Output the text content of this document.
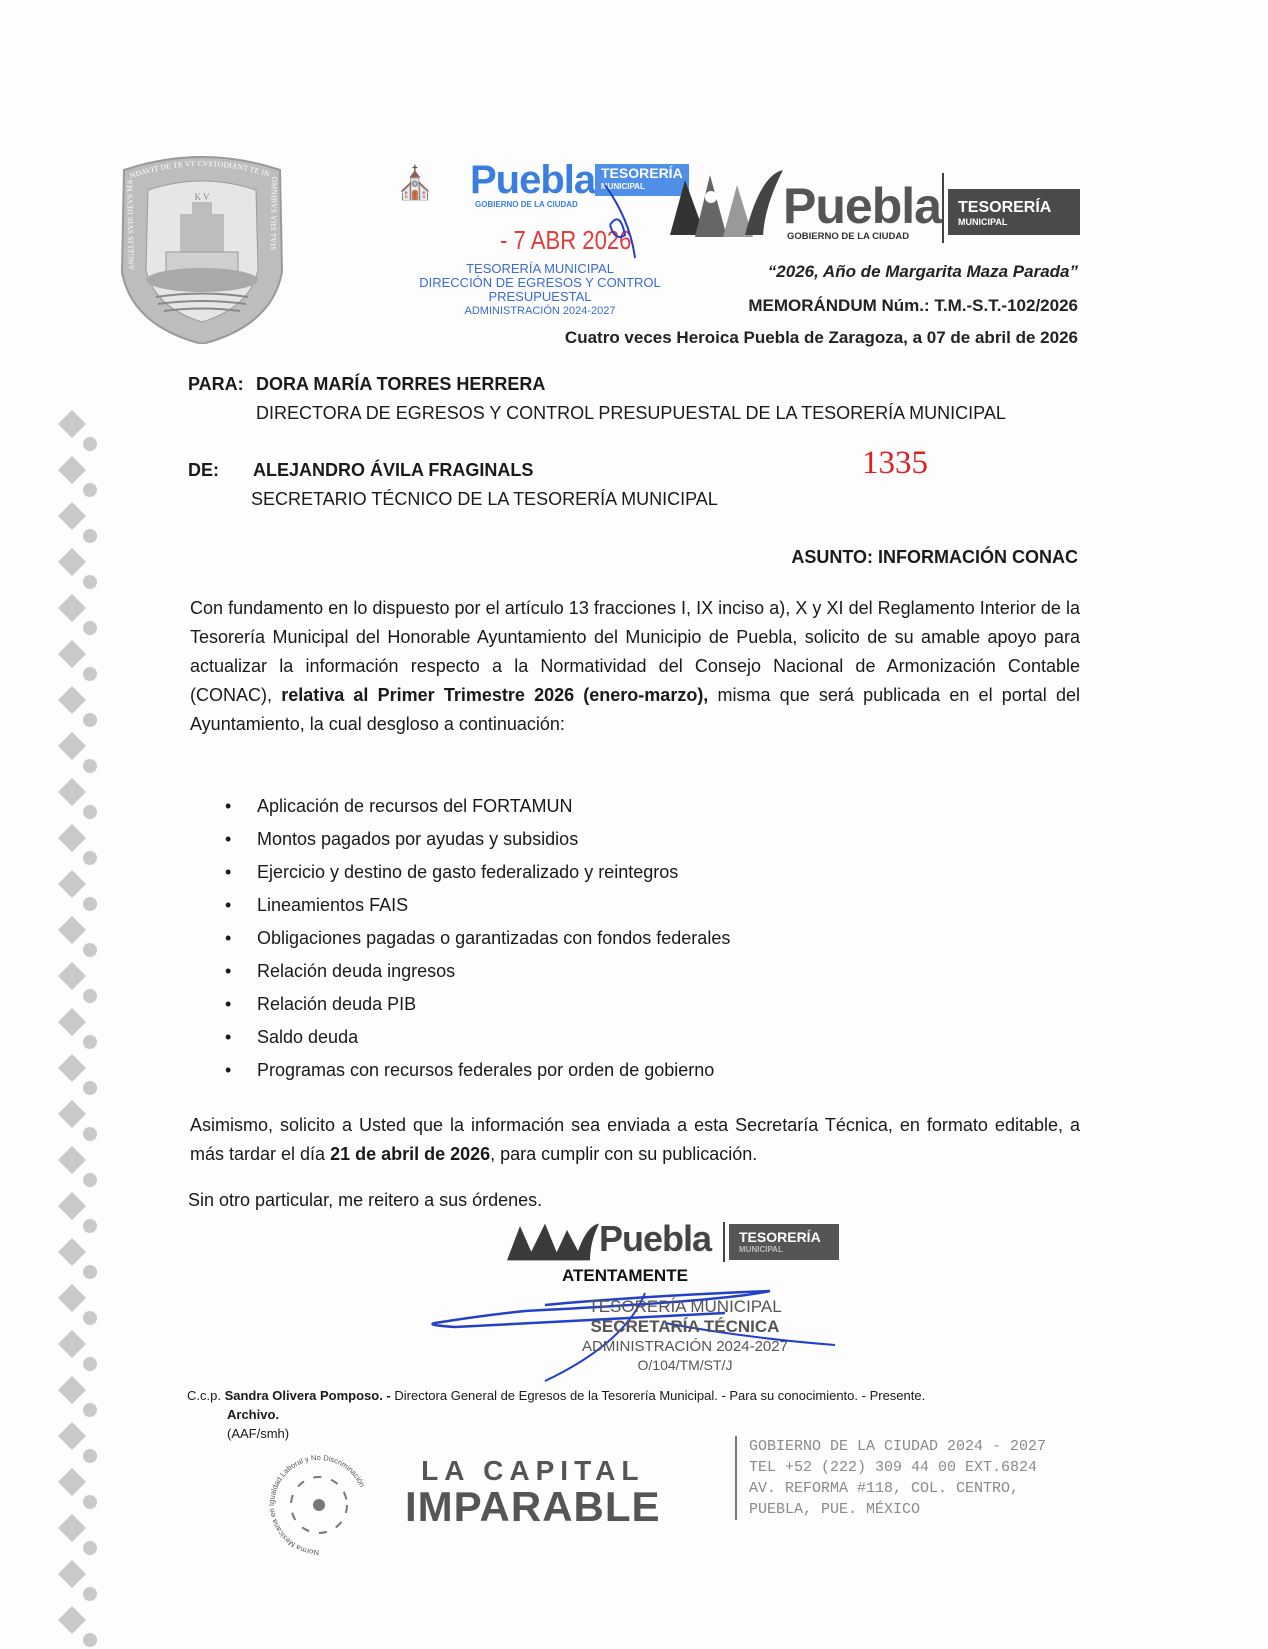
ANGELIS SVIS DEVS MANDAVIT DE TE VT CVSTODIANT TE IN OMNIBVS VIIS TVIS
K V	⛪ Puebla
GOBIERNO DE LA CIUDAD
TESORERÍA
MUNICIPAL	Puebla
GOBIERNO DE LA CIUDAD
TESORERÍA
MUNICIPAL
- 7 ABR 2026
TESORERÍA MUNICIPAL
DIRECCIÓN DE EGRESOS Y CONTROL
PRESUPUESTAL
ADMINISTRACIÓN 2024-2027
“2026, Año de Margarita Maza Parada”
MEMORÁNDUM Núm.: T.M.-S.T.-102/2026
Cuatro veces Heroica Puebla de Zaragoza, a 07 de abril de 2026
PARA: DORA MARÍA TORRES HERRERA
DIRECTORA DE EGRESOS Y CONTROL PRESUPUESTAL DE LA TESORERÍA MUNICIPAL
DE: ALEJANDRO ÁVILA FRAGINALS
SECRETARIO TÉCNICO DE LA TESORERÍA MUNICIPAL
1335
ASUNTO: INFORMACIÓN CONAC
Con fundamento en lo dispuesto por el artículo 13 fracciones I, IX inciso a), X y XI del Reglamento Interior de la Tesorería Municipal del Honorable Ayuntamiento del Municipio de Puebla, solicito de su amable apoyo para actualizar la información respecto a la Normatividad del Consejo Nacional de Armonización Contable (CONAC), relativa al Primer Trimestre 2026 (enero-marzo), misma que será publicada en el portal del Ayuntamiento, la cual desgloso a continuación:
• Aplicación de recursos del FORTAMUN
• Montos pagados por ayudas y subsidios
• Ejercicio y destino de gasto federalizado y reintegros
• Lineamientos FAIS
• Obligaciones pagadas o garantizadas con fondos federales
• Relación deuda ingresos
• Relación deuda PIB
• Saldo deuda
• Programas con recursos federales por orden de gobierno
Asimismo, solicito a Usted que la información sea enviada a esta Secretaría Técnica, en formato editable, a más tardar el día 21 de abril de 2026, para cumplir con su publicación.
Sin otro particular, me reitero a sus órdenes.
Puebla TESORERÍA
MUNICIPAL
ATENTAMENTE
TESORERÍA MUNICIPAL
SECRETARÍA TÉCNICA
ADMINISTRACIÓN 2024-2027
O/104/TM/ST/J
C.c.p. Sandra Olivera Pomposo. - Directora General de Egresos de la Tesorería Municipal. - Para su conocimiento. - Presente.
Archivo.
(AAF/smh)
Norma Mexicana en Igualdad Laboral y No Discriminación	LA CAPITAL
IMPARABLE
GOBIERNO DE LA CIUDAD 2024 - 2027
TEL +52 (222) 309 44 00 EXT.6824
AV. REFORMA #118, COL. CENTRO,
PUEBLA, PUE. MÉXICO
